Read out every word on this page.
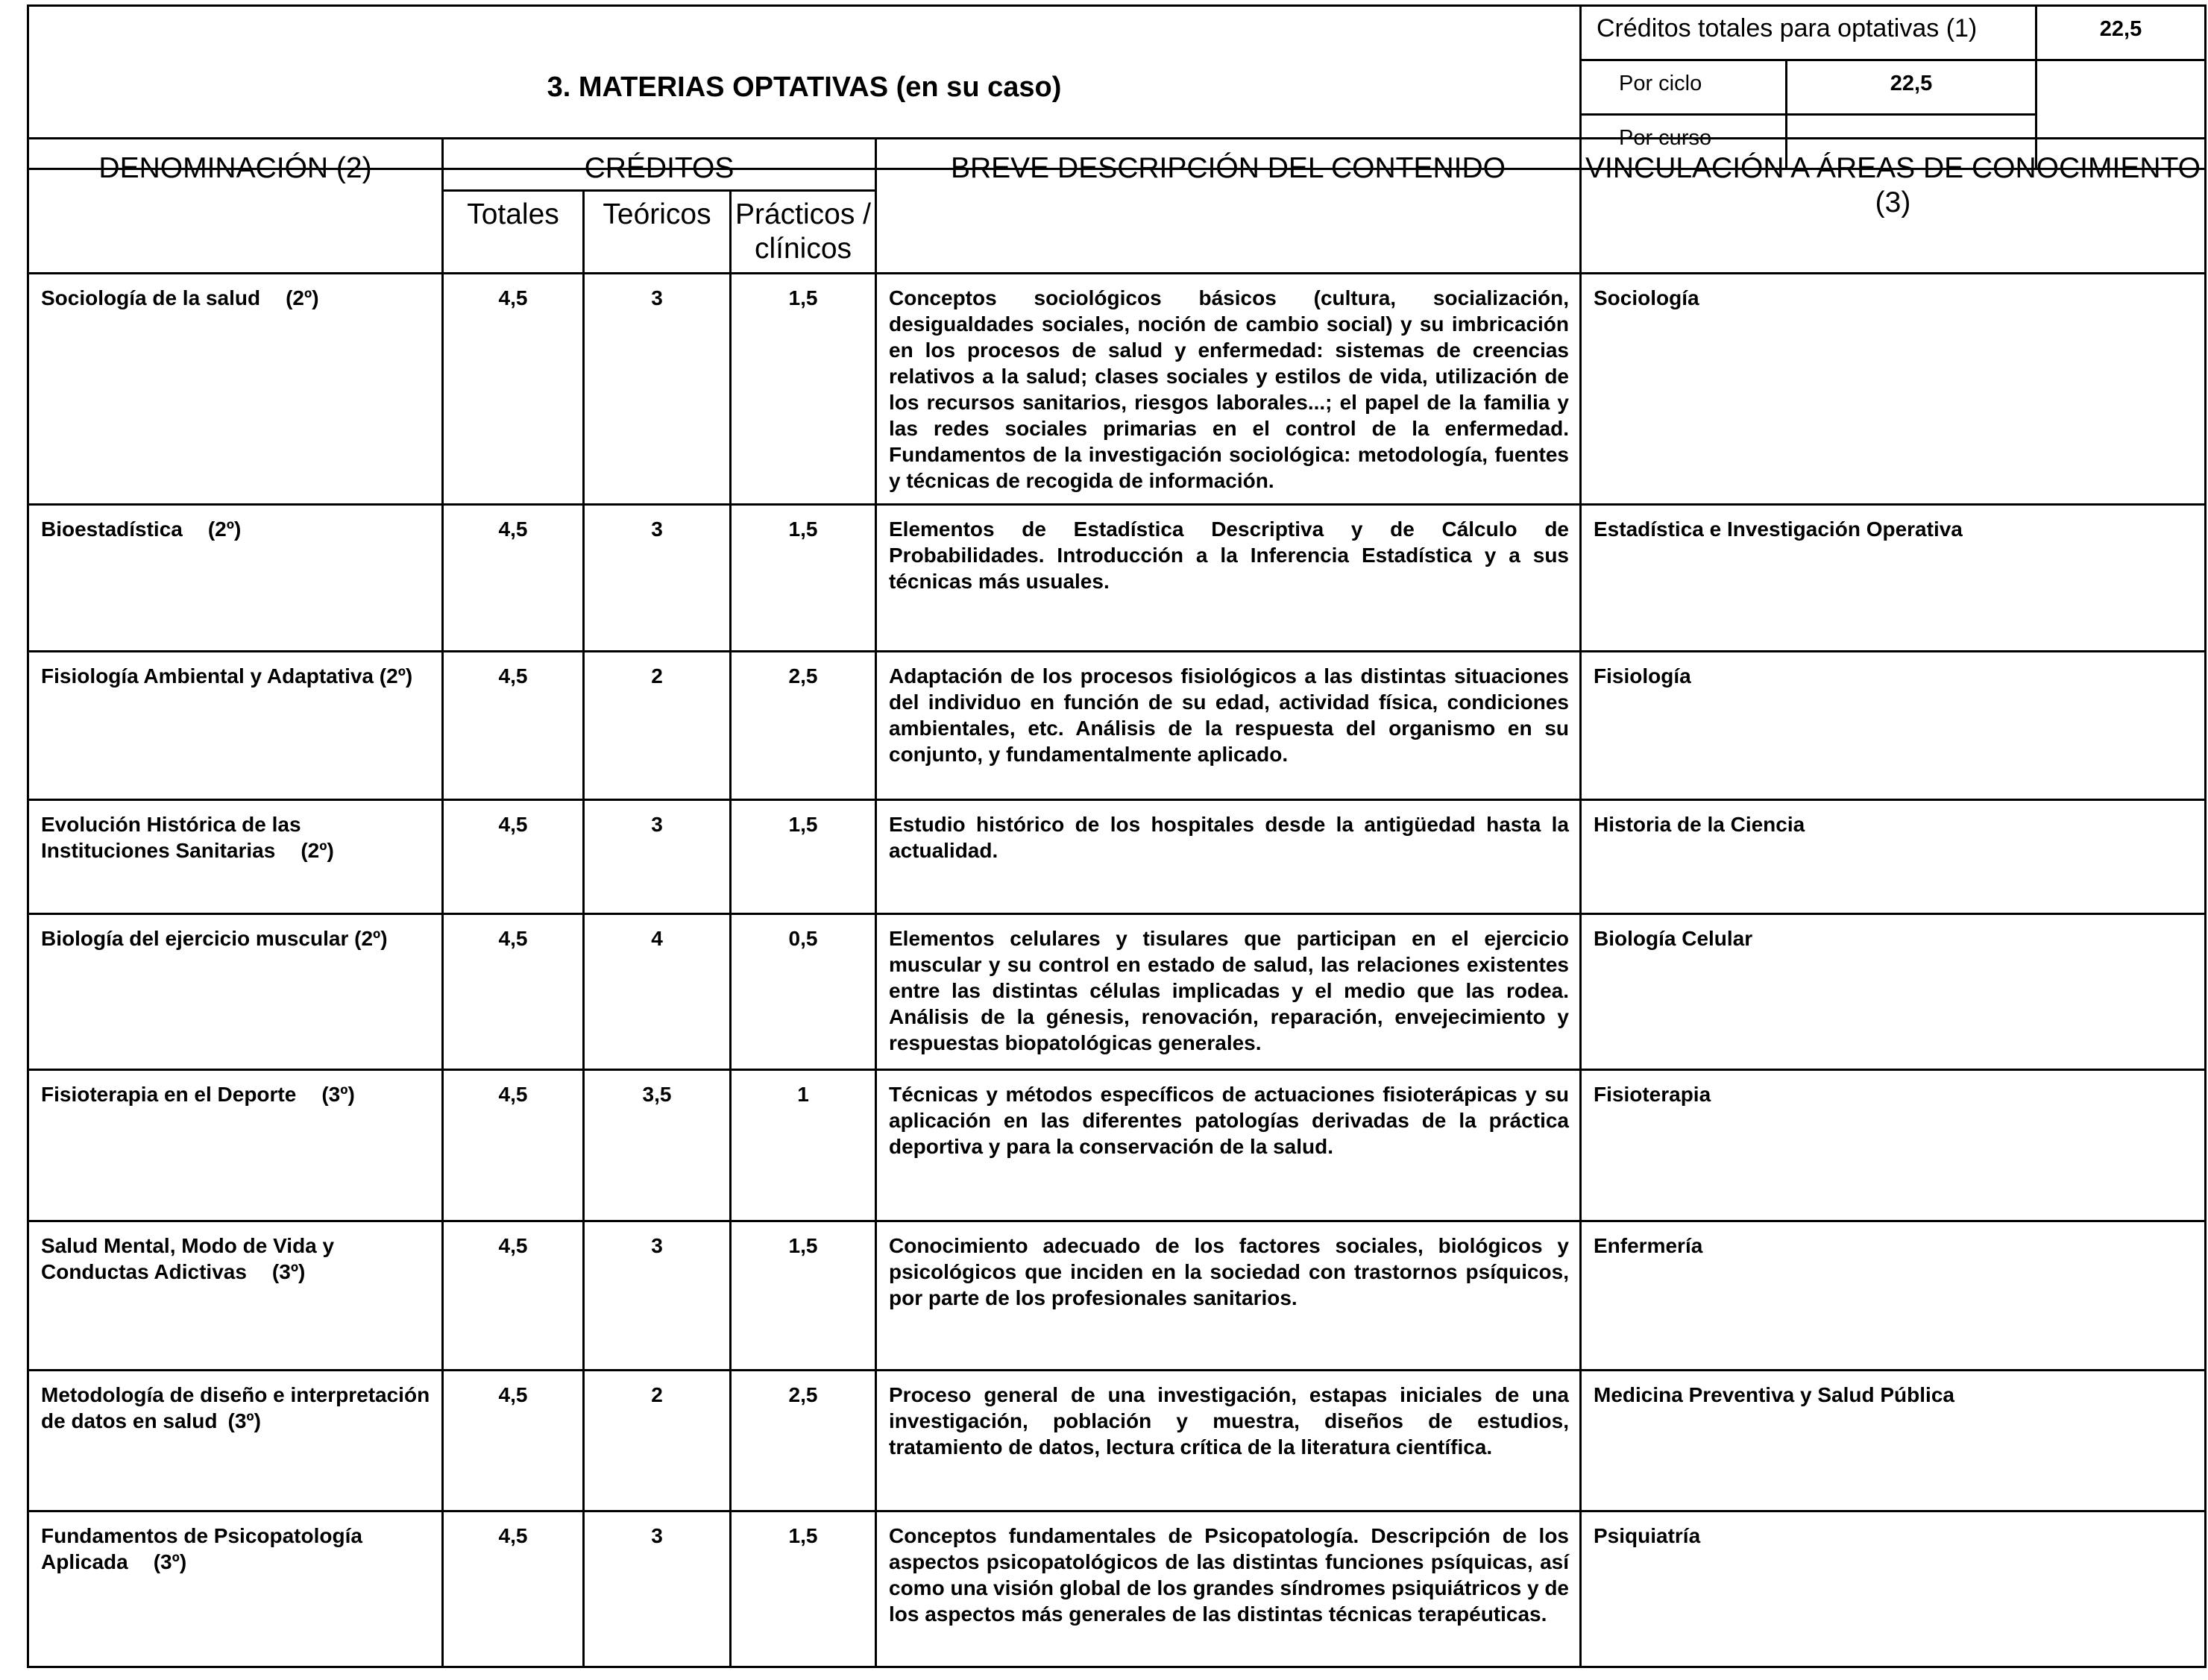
3. MATERIAS OPTATIVAS (en su caso)	Créditos totales para optativas (1)		22,5
	Por ciclo	22,5	
	Por curso		
DENOMINACIÓN (2)	CRÉDITOS			BREVE DESCRIPCIÓN DEL CONTENIDO	VINCULACIÓN A ÁREAS DE CONOCIMIENTO (3)
	Totales	Teóricos	Prácticos / clínicos		
Sociología de la salud (2º)	4,5	3	1,5	Conceptos sociológicos básicos (cultura, socialización, desigualdades sociales, noción de cambio social) y su imbricación en los procesos de salud y enfermedad: sistemas de creencias relativos a la salud; clases sociales y estilos de vida, utilización de los recursos sanitarios, riesgos laborales...; el papel de la familia y las redes sociales primarias en el control de la enfermedad. Fundamentos de la investigación sociológica: metodología, fuentes y técnicas de recogida de información.	Sociología
Bioestadística (2º)	4,5	3	1,5	Elementos de Estadística Descriptiva y de Cálculo de Probabilidades. Introducción a la Inferencia Estadística y a sus técnicas más usuales.	Estadística e Investigación Operativa
Fisiología Ambiental y Adaptativa (2º)	4,5	2	2,5	Adaptación de los procesos fisiológicos a las distintas situaciones del individuo en función de su edad, actividad física, condiciones ambientales, etc. Análisis de la respuesta del organismo en su conjunto, y fundamentalmente aplicado.	Fisiología
Evolución Histórica de las Instituciones Sanitarias (2º)	4,5	3	1,5	Estudio histórico de los hospitales desde la antigüedad hasta la actualidad.	Historia de la Ciencia
Biología del ejercicio muscular (2º)	4,5	4	0,5	Elementos celulares y tisulares que participan en el ejercicio muscular y su control en estado de salud, las relaciones existentes entre las distintas células implicadas y el medio que las rodea. Análisis de la génesis, renovación, reparación, envejecimiento y respuestas biopatológicas generales.	Biología Celular
Fisioterapia en el Deporte (3º)	4,5	3,5	1	Técnicas y métodos específicos de actuaciones fisioterápicas y su aplicación en las diferentes patologías derivadas de la práctica deportiva y para la conservación de la salud.	Fisioterapia
Salud Mental, Modo de Vida y Conductas Adictivas (3º)	4,5	3	1,5	Conocimiento adecuado de los factores sociales, biológicos y psicológicos que inciden en la sociedad con trastornos psíquicos, por parte de los profesionales sanitarios.	Enfermería
Metodología de diseño e interpretación de datos en salud (3º)	4,5	2	2,5	Proceso general de una investigación, estapas iniciales de una investigación, población y muestra, diseños de estudios, tratamiento de datos, lectura crítica de la literatura científica.	Medicina Preventiva y Salud Pública
Fundamentos de Psicopatología Aplicada (3º)	4,5	3	1,5	Conceptos fundamentales de Psicopatología. Descripción de los aspectos psicopatológicos de las distintas funciones psíquicas, así como una visión global de los grandes síndromes psiquiátricos y de los aspectos más generales de las distintas técnicas terapéuticas.	Psiquiatría
